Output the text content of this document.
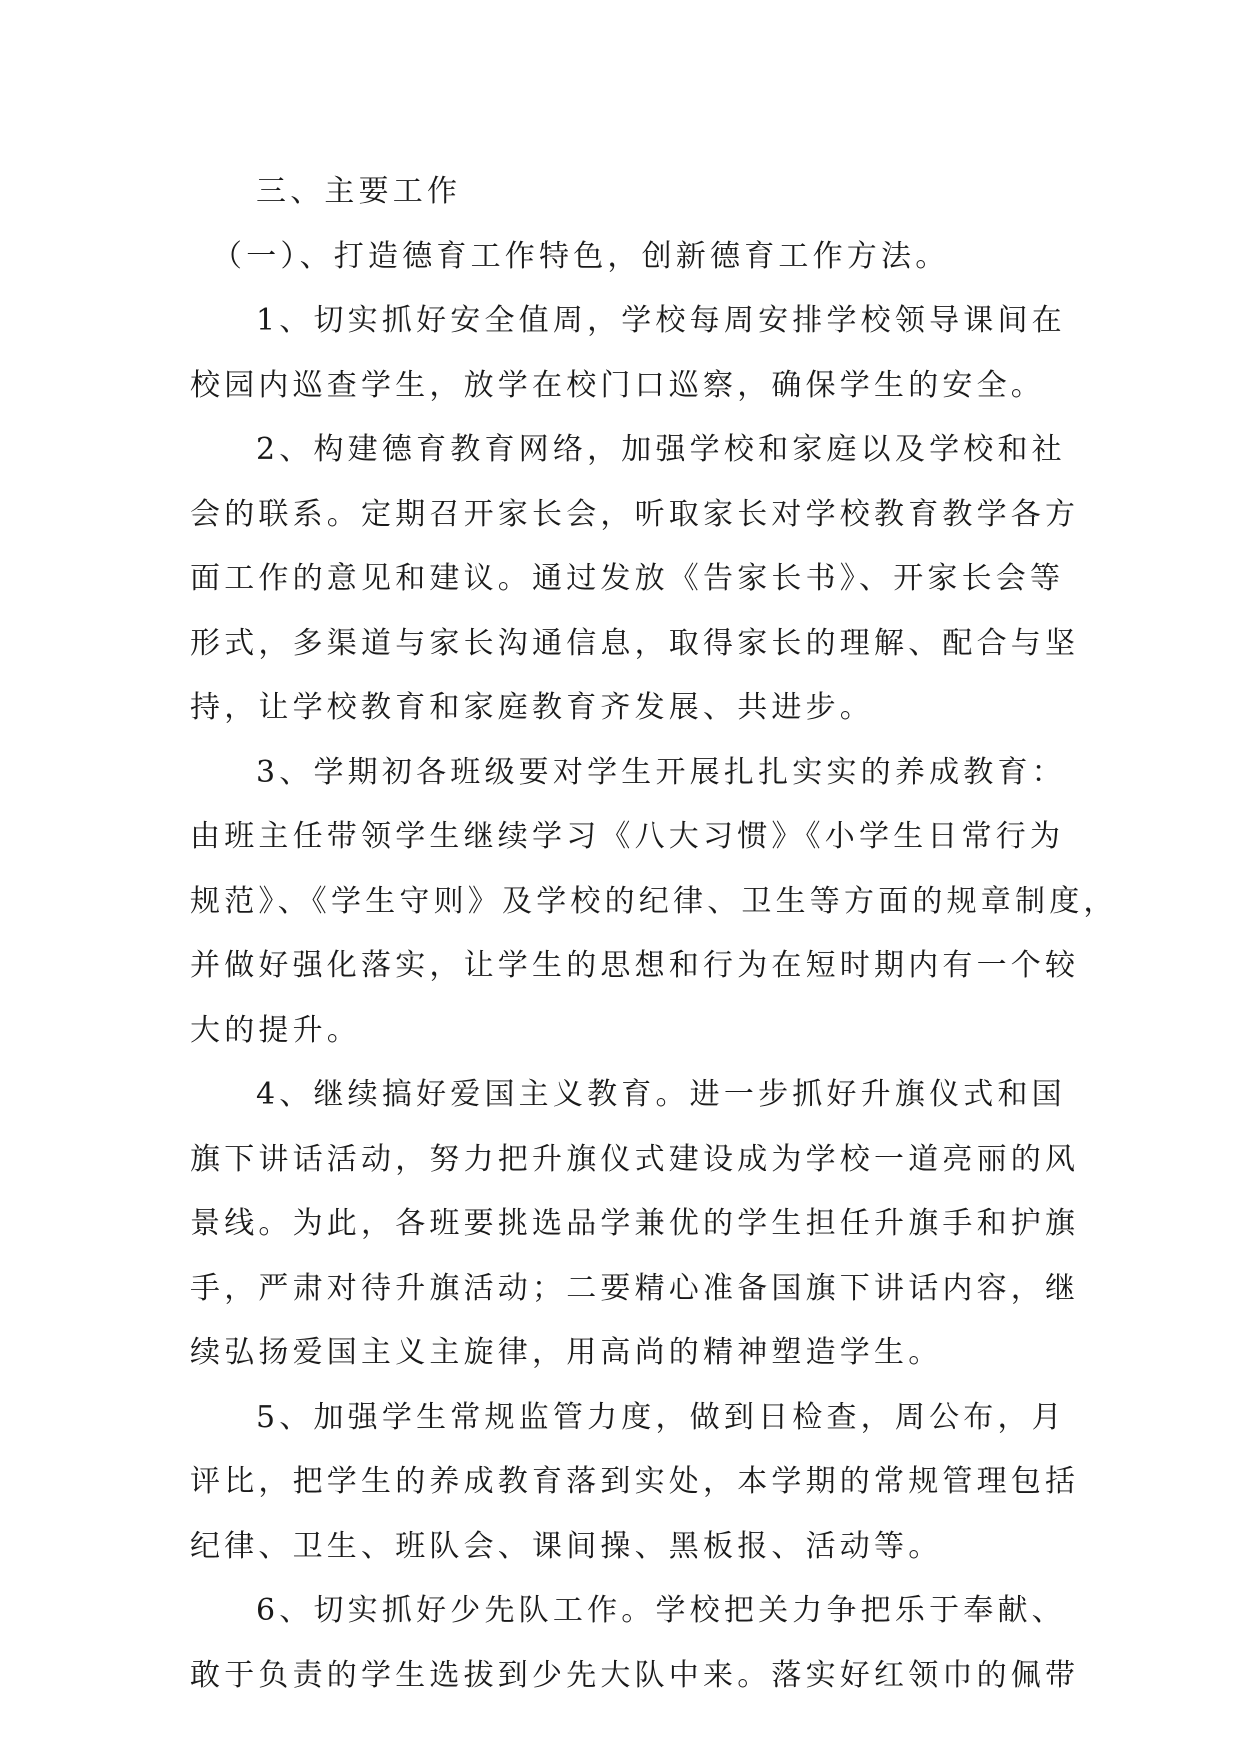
三、主要工作
（一）、打造德育工作特色，创新德育工作方法。
1、切实抓好安全值周，学校每周安排学校领导课间在
校园内巡查学生，放学在校门口巡察，确保学生的安全。
2、构建德育教育网络，加强学校和家庭以及学校和社
会的联系。定期召开家长会，听取家长对学校教育教学各方
面工作的意见和建议。通过发放《告家长书》、开家长会等
形式，多渠道与家长沟通信息，取得家长的理解、配合与坚
持，让学校教育和家庭教育齐发展、共进步。
3、学期初各班级要对学生开展扎扎实实的养成教育：
由班主任带领学生继续学习《八大习惯》《小学生日常行为
规范》、《学生守则》及学校的纪律、卫生等方面的规章制度，
并做好强化落实，让学生的思想和行为在短时期内有一个较
大的提升。
4、继续搞好爱国主义教育。进一步抓好升旗仪式和国
旗下讲话活动，努力把升旗仪式建设成为学校一道亮丽的风
景线。为此，各班要挑选品学兼优的学生担任升旗手和护旗
手，严肃对待升旗活动；二要精心准备国旗下讲话内容，继
续弘扬爱国主义主旋律，用高尚的精神塑造学生。
5、加强学生常规监管力度，做到日检查，周公布，月
评比，把学生的养成教育落到实处，本学期的常规管理包括
纪律、卫生、班队会、课间操、黑板报、活动等。
6、切实抓好少先队工作。学校把关力争把乐于奉献、
敢于负责的学生选拔到少先大队中来。落实好红领巾的佩带
